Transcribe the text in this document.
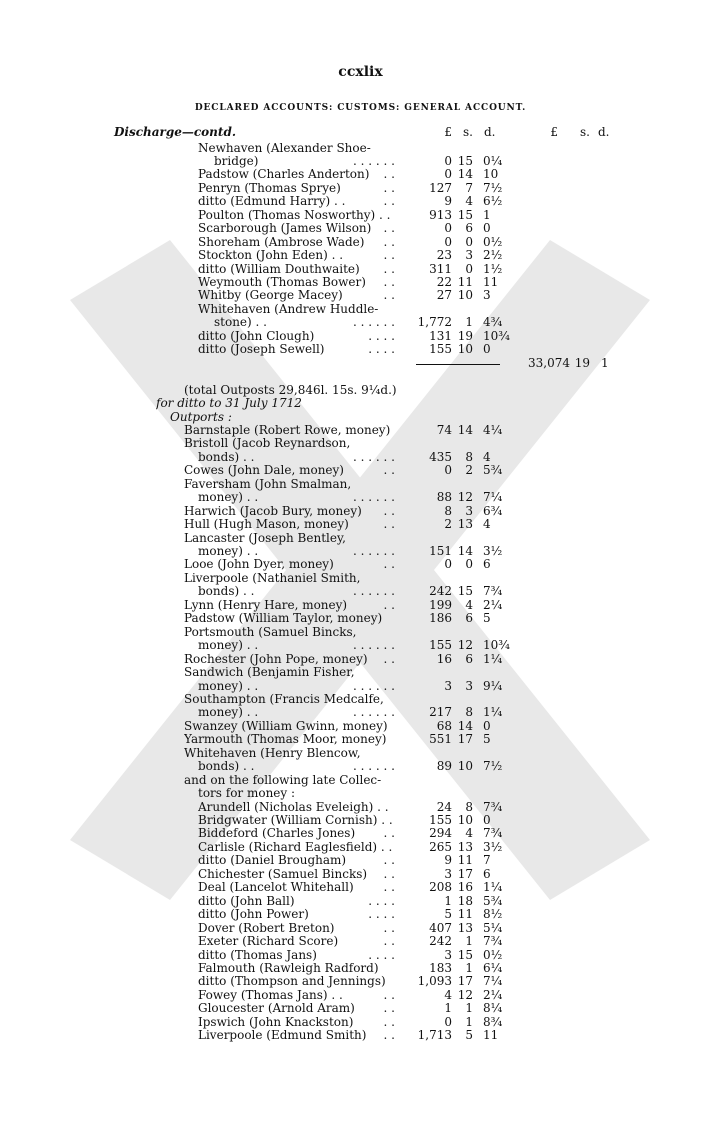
ccxlix
DECLARED ACCOUNTS: CUSTOMS: GENERAL ACCOUNT.
Discharge—contd.	£ s. d.	£	s. d.
Newhaven (Alexander Shoe-
bridge)	. . . . . .	0 15 0¼
Padstow (Charles Anderton)	. .	0 14 10
Penryn (Thomas Sprye)	. .	127	7 7½
ditto (Edmund Harry) . .	. .	9	4 6½
Poulton (Thomas Nosworthy) . .	913 15 1
Scarborough (James Wilson)	. .	0	6 0
Shoreham (Ambrose Wade)	. .	0	0 0½
Stockton (John Eden) . .	. .	23	3 2½
ditto (William Douthwaite)	. .	311	0 1½
Weymouth (Thomas Bower)	. .	22 11 11
Whitby (George Macey)	. .	27 10 3
Whitehaven (Andrew Huddle-
stone) . .	. . . . . .	1,772	1 4¾
ditto (John Clough)	. . . .	131 19 10¾
ditto (Joseph Sewell)	. . . .	155 10 0
33,074 19 1
(total Outposts 29,846l. 15s. 9¼d.)
for ditto to 31 July 1712
Outports :
Barnstaple (Robert Rowe, money)	74 14 4¼
Bristoll (Jacob Reynardson,
bonds) . .	. . . . . .	435	8 4
Cowes (John Dale, money)	. .	0	2 5¾
Faversham (John Smalman,
money) . .	. . . . . .	88 12 7¼
Harwich (Jacob Bury, money)	. .	8	3 6¾
Hull (Hugh Mason, money)	. .	2 13 4
Lancaster (Joseph Bentley,
money) . .	. . . . . .	151 14 3½
Looe (John Dyer, money)	. .	0	0 6
Liverpoole (Nathaniel Smith,
bonds) . .	. . . . . .	242 15 7¾
Lynn (Henry Hare, money)	. .	199	4 2¼
Padstow (William Taylor, money)	186	6 5
Portsmouth (Samuel Bincks,
money) . .	. . . . . .	155 12 10¾
Rochester (John Pope, money)	. .	16	6 1¼
Sandwich (Benjamin Fisher,
money) . .	. . . . . .	3	3 9¼
Southampton (Francis Medcalfe,
money) . .	. . . . . .	217	8 1¼
Swanzey (William Gwinn, money)	68 14 0
Yarmouth (Thomas Moor, money)	551 17 5
Whitehaven (Henry Blencow,
bonds) . .	. . . . . .	89 10 7½
and on the following late Collec-
tors for money :
Arundell (Nicholas Eveleigh) . .	24	8 7¾
Bridgwater (William Cornish) . .	155 10 0
Biddeford (Charles Jones)	. .	294	4 7¾
Carlisle (Richard Eaglesfield) . .	265 13 3½
ditto (Daniel Brougham)	. .	9 11 7
Chichester (Samuel Bincks)	. .	3 17 6
Deal (Lancelot Whitehall)	. .	208 16 1¼
ditto (John Ball)	. . . .	1 18 5¾
ditto (John Power)	. . . .	5 11 8½
Dover (Robert Breton)	. .	407 13 5¼
Exeter (Richard Score)	. .	242	1 7¾
ditto (Thomas Jans)	. . . .	3 15 0½
Falmouth (Rawleigh Radford)	183	1 6¼
ditto (Thompson and Jennings)	1,093 17 7¼
Fowey (Thomas Jans) . .	. .	4 12 2¼
Gloucester (Arnold Aram)	. .	1	1 8¼
Ipswich (John Knackston)	. .	0	1 8¾
Liverpoole (Edmund Smith)	. .	1,713	5 11
